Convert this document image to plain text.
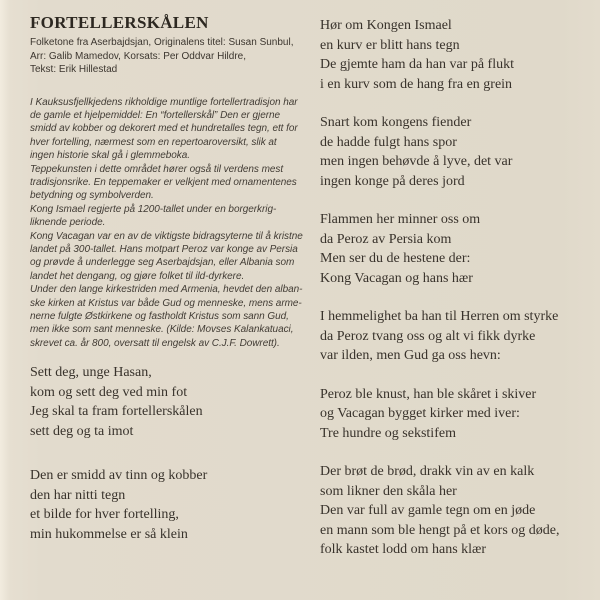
FORTELLERSKÅLEN
Folketone fra Aserbajdsjan, Originalens titel: Susan Sunbul,
Arr: Galib Mamedov, Korsats: Per Oddvar Hildre,
Tekst: Erik Hillestad
I Kauksusfjellkjedens rikholdige muntlige fortellertradisjon har
de gamle et hjelpemiddel: En “fortellerskål” Den er gjerne
smidd av kobber og dekorert med et hundretalles tegn, ett for
hver fortelling, nærmest som en repertoaroversikt, slik at
ingen historie skal gå i glemmeboka.
Teppekunsten i dette området hører også til verdens mest
tradisjonsrike. En teppemaker er velkjent med ornamentenes
betydning og symbolverden.
Kong Ismael regjerte på 1200-tallet under en borgerkrig-
liknende periode.
Kong Vacagan var en av de viktigste bidragsyterne til å kristne
landet på 300-tallet. Hans motpart Peroz var konge av Persia
og prøvde å underlegge seg Aserbajdsjan, eller Albania som
landet het dengang, og gjøre folket til ild-dyrkere.
Under den lange kirkestriden med Armenia, hevdet den alban-
ske kirken at Kristus var både Gud og menneske, mens arme-
nerne fulgte Østkirkene og fastholdt Kristus som sann Gud,
men ikke som sant menneske. (Kilde: Movses Kalankatuaci,
skrevet ca. år 800, oversatt til engelsk av C.J.F. Dowrett).
Sett deg, unge Hasan,
kom og sett deg ved min fot
Jeg skal ta fram fortellerskålen
sett deg og ta imot
Den er smidd av tinn og kobber
den har nitti tegn
et bilde for hver fortelling,
min hukommelse er så klein
Hør om Kongen Ismael
en kurv er blitt hans tegn
De gjemte ham da han var på flukt
i en kurv som de hang fra en grein
Snart kom kongens fiender
de hadde fulgt hans spor
men ingen behøvde å lyve, det var
ingen konge på deres jord
Flammen her minner oss om
da Peroz av Persia kom
Men ser du de hestene der:
Kong Vacagan og hans hær
I hemmelighet ba han til Herren om styrke
da Peroz tvang oss og alt vi fikk dyrke
var ilden, men Gud ga oss hevn:
Peroz ble knust, han ble skåret i skiver
og Vacagan bygget kirker med iver:
Tre hundre og sekstifem
Der brøt de brød, drakk vin av en kalk
som likner den skåla her
Den var full av gamle tegn om en jøde
en mann som ble hengt på et kors og døde,
folk kastet lodd om hans klær
